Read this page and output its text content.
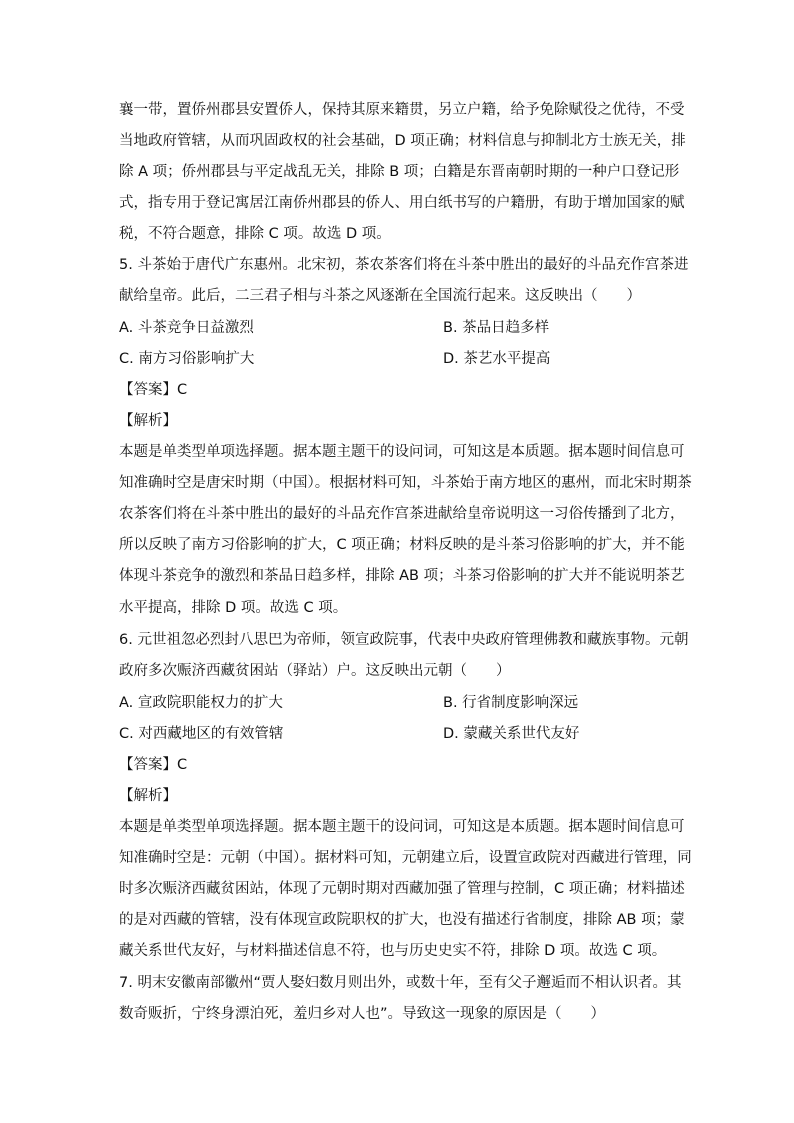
襄一带，置侨州郡县安置侨人，保持其原来籍贯，另立户籍，给予免除赋役之优待，不受
当地政府管辖，从而巩固政权的社会基础，D 项正确；材料信息与抑制北方士族无关，排
除 A 项；侨州郡县与平定战乱无关，排除 B 项；白籍是东晋南朝时期的一种户口登记形
式，指专用于登记寓居江南侨州郡县的侨人、用白纸书写的户籍册，有助于增加国家的赋
税，不符合题意，排除 C 项。故选 D 项。
5. 斗茶始于唐代广东惠州。北宋初，茶农茶客们将在斗茶中胜出的最好的斗品充作宫茶进
献给皇帝。此后，二三君子相与斗茶之风逐渐在全国流行起来。这反映出（　　）
A. 斗茶竞争日益激烈	B. 茶品日趋多样
C. 南方习俗影响扩大	D. 茶艺水平提高
【答案】C
【解析】
本题是单类型单项选择题。据本题主题干的设问词，可知这是本质题。据本题时间信息可
知准确时空是唐宋时期（中国）。根据材料可知，斗茶始于南方地区的惠州，而北宋时期茶
农茶客们将在斗茶中胜出的最好的斗品充作宫茶进献给皇帝说明这一习俗传播到了北方，
所以反映了南方习俗影响的扩大，C 项正确；材料反映的是斗茶习俗影响的扩大，并不能
体现斗茶竞争的激烈和茶品日趋多样，排除 AB 项；斗茶习俗影响的扩大并不能说明茶艺
水平提高，排除 D 项。故选 C 项。
6. 元世祖忽必烈封八思巴为帝师，领宣政院事，代表中央政府管理佛教和藏族事物。元朝
政府多次赈济西藏贫困站（驿站）户。这反映出元朝（　　）
A. 宣政院职能权力的扩大	B. 行省制度影响深远
C. 对西藏地区的有效管辖	D. 蒙藏关系世代友好
【答案】C
【解析】
本题是单类型单项选择题。据本题主题干的设问词，可知这是本质题。据本题时间信息可
知准确时空是：元朝（中国）。据材料可知，元朝建立后，设置宣政院对西藏进行管理，同
时多次赈济西藏贫困站，体现了元朝时期对西藏加强了管理与控制，C 项正确；材料描述
的是对西藏的管辖，没有体现宣政院职权的扩大，也没有描述行省制度，排除 AB 项；蒙
藏关系世代友好，与材料描述信息不符，也与历史史实不符，排除 D 项。故选 C 项。
7. 明末安徽南部徽州“贾人娶妇数月则出外，或数十年，至有父子邂逅而不相认识者。其
数奇贩折，宁终身漂泊死，羞归乡对人也”。导致这一现象的原因是（　　）
